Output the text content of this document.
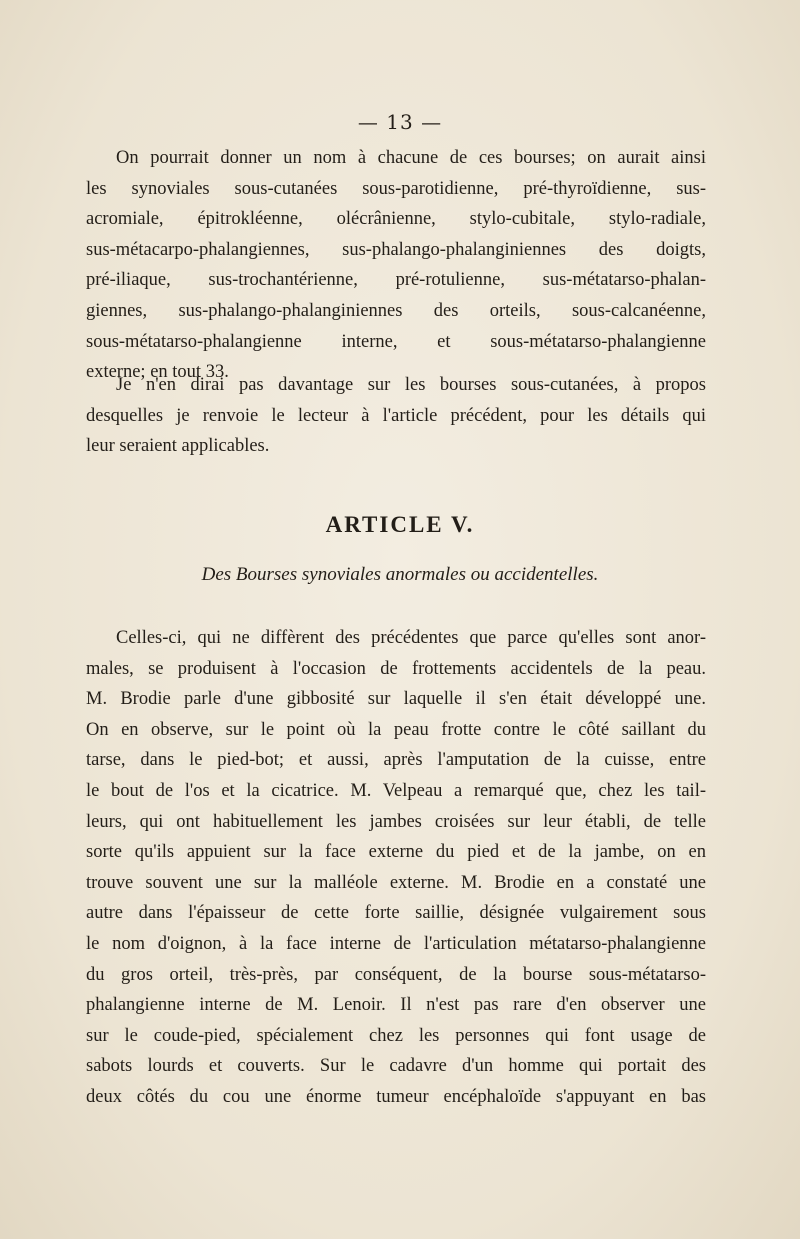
— 13 —
On pourrait donner un nom à chacune de ces bourses; on aurait ainsi
les synoviales sous-cutanées sous-parotidienne, pré-thyroïdienne, sus-
acromiale, épitrokléenne, olécrânienne, stylo-cubitale, stylo-radiale,
sus-métacarpo-phalangiennes, sus-phalango-phalanginiennes des doigts,
pré-iliaque, sus-trochantérienne, pré-rotulienne, sus-métatarso-phalan-
giennes, sus-phalango-phalanginiennes des orteils, sous-calcanéenne,
sous-métatarso-phalangienne interne, et sous-métatarso-phalangienne
externe; en tout 33.
Je n'en dirai pas davantage sur les bourses sous-cutanées, à propos
desquelles je renvoie le lecteur à l'article précédent, pour les détails qui
leur seraient applicables.
ARTICLE V.
Des Bourses synoviales anormales ou accidentelles.
Celles-ci, qui ne diffèrent des précédentes que parce qu'elles sont anor-
males, se produisent à l'occasion de frottements accidentels de la peau.
M. Brodie parle d'une gibbosité sur laquelle il s'en était développé une.
On en observe, sur le point où la peau frotte contre le côté saillant du
tarse, dans le pied-bot; et aussi, après l'amputation de la cuisse, entre
le bout de l'os et la cicatrice. M. Velpeau a remarqué que, chez les tail-
leurs, qui ont habituellement les jambes croisées sur leur établi, de telle
sorte qu'ils appuient sur la face externe du pied et de la jambe, on en
trouve souvent une sur la malléole externe. M. Brodie en a constaté une
autre dans l'épaisseur de cette forte saillie, désignée vulgairement sous
le nom d'oignon, à la face interne de l'articulation métatarso-phalangienne
du gros orteil, très-près, par conséquent, de la bourse sous-métatarso-
phalangienne interne de M. Lenoir. Il n'est pas rare d'en observer une
sur le coude-pied, spécialement chez les personnes qui font usage de
sabots lourds et couverts. Sur le cadavre d'un homme qui portait des
deux côtés du cou une énorme tumeur encéphaloïde s'appuyant en bas
